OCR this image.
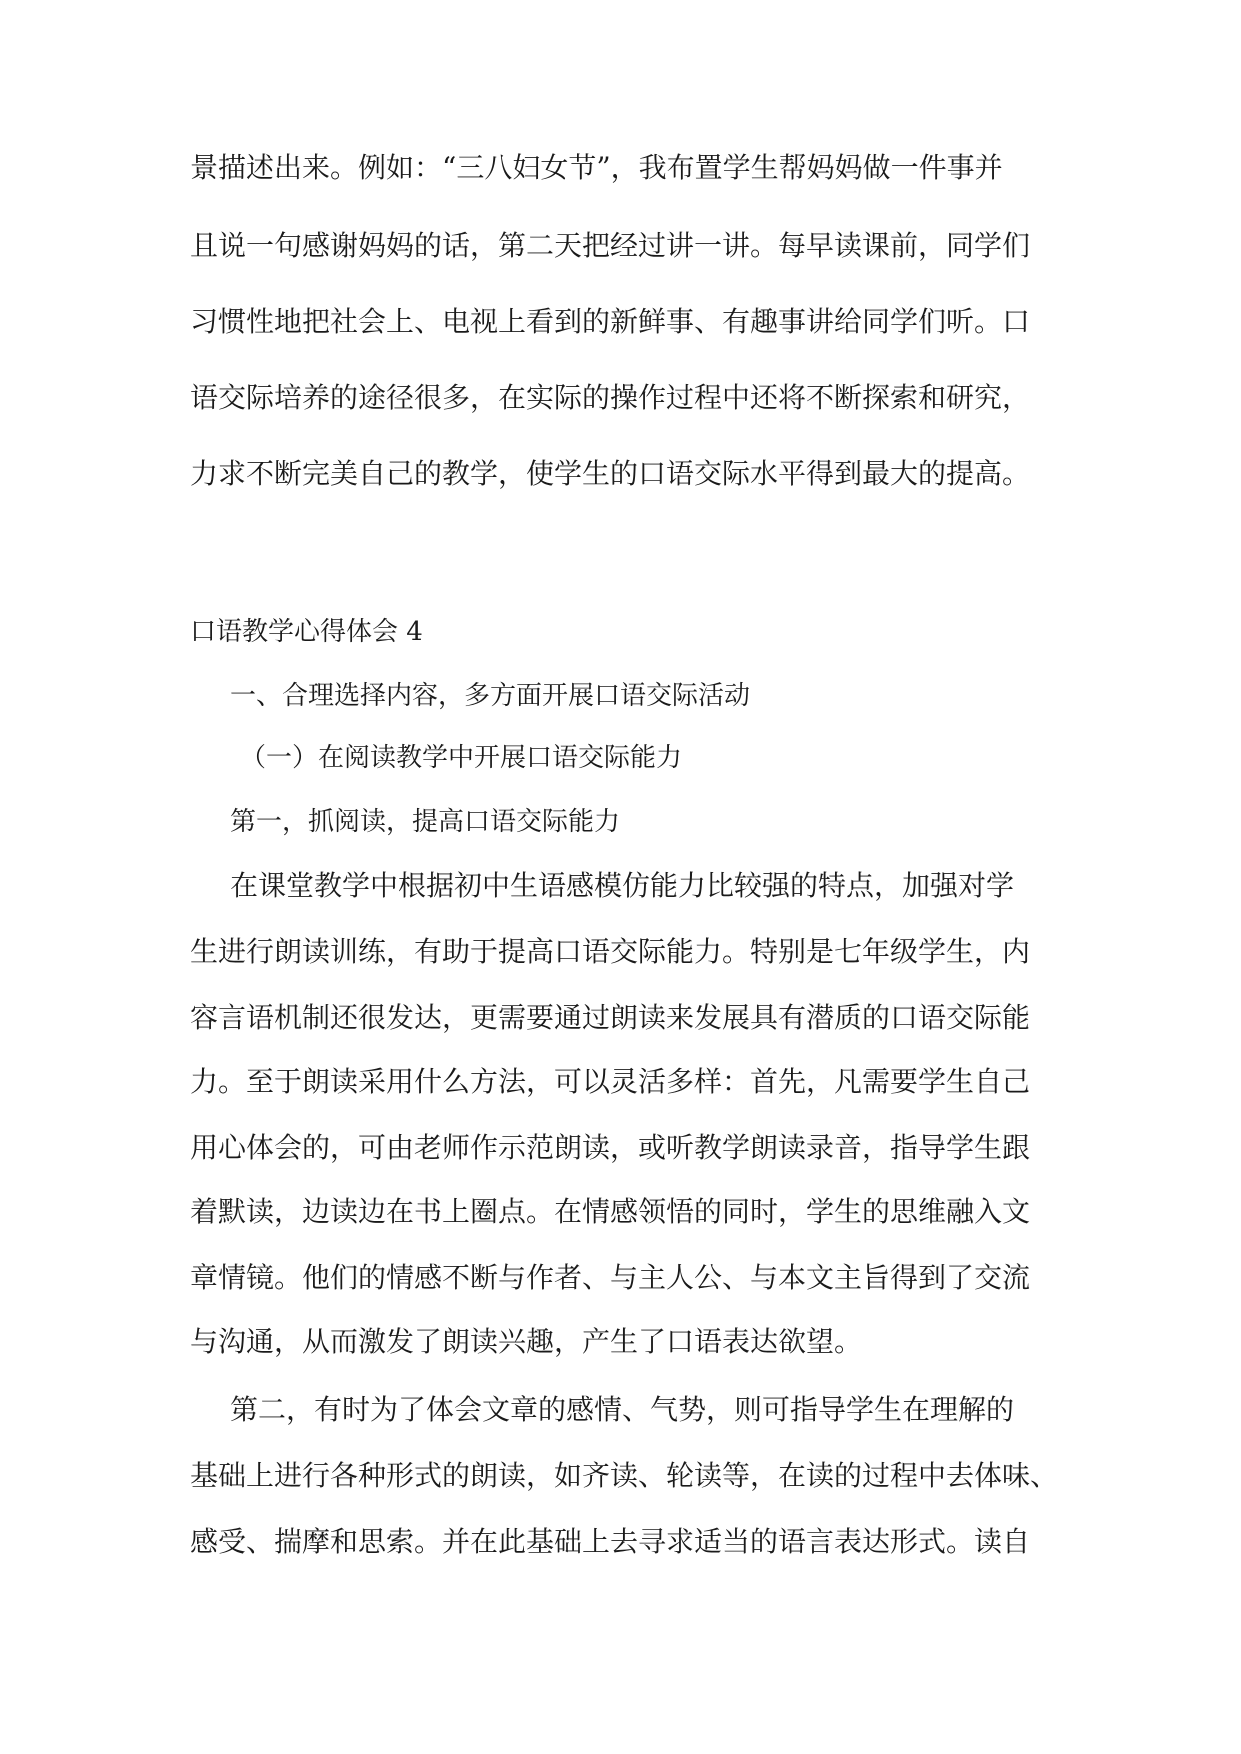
景描述出来。例如：“三八妇女节”，我布置学生帮妈妈做一件事并
且说一句感谢妈妈的话，第二天把经过讲一讲。每早读课前，同学们
习惯性地把社会上、电视上看到的新鲜事、有趣事讲给同学们听。口
语交际培养的途径很多，在实际的操作过程中还将不断探索和研究，
力求不断完美自己的教学，使学生的口语交际水平得到最大的提高。
口语教学心得体会 4
一、合理选择内容，多方面开展口语交际活动
（一）在阅读教学中开展口语交际能力
第一，抓阅读，提高口语交际能力
在课堂教学中根据初中生语感模仿能力比较强的特点，加强对学
生进行朗读训练，有助于提高口语交际能力。特别是七年级学生，内
容言语机制还很发达，更需要通过朗读来发展具有潜质的口语交际能
力。至于朗读采用什么方法，可以灵活多样：首先，凡需要学生自己
用心体会的，可由老师作示范朗读，或听教学朗读录音，指导学生跟
着默读，边读边在书上圈点。在情感领悟的同时，学生的思维融入文
章情镜。他们的情感不断与作者、与主人公、与本文主旨得到了交流
与沟通，从而激发了朗读兴趣，产生了口语表达欲望。
第二，有时为了体会文章的感情、气势，则可指导学生在理解的
基础上进行各种形式的朗读，如齐读、轮读等，在读的过程中去体味、
感受、揣摩和思索。并在此基础上去寻求适当的语言表达形式。读自
